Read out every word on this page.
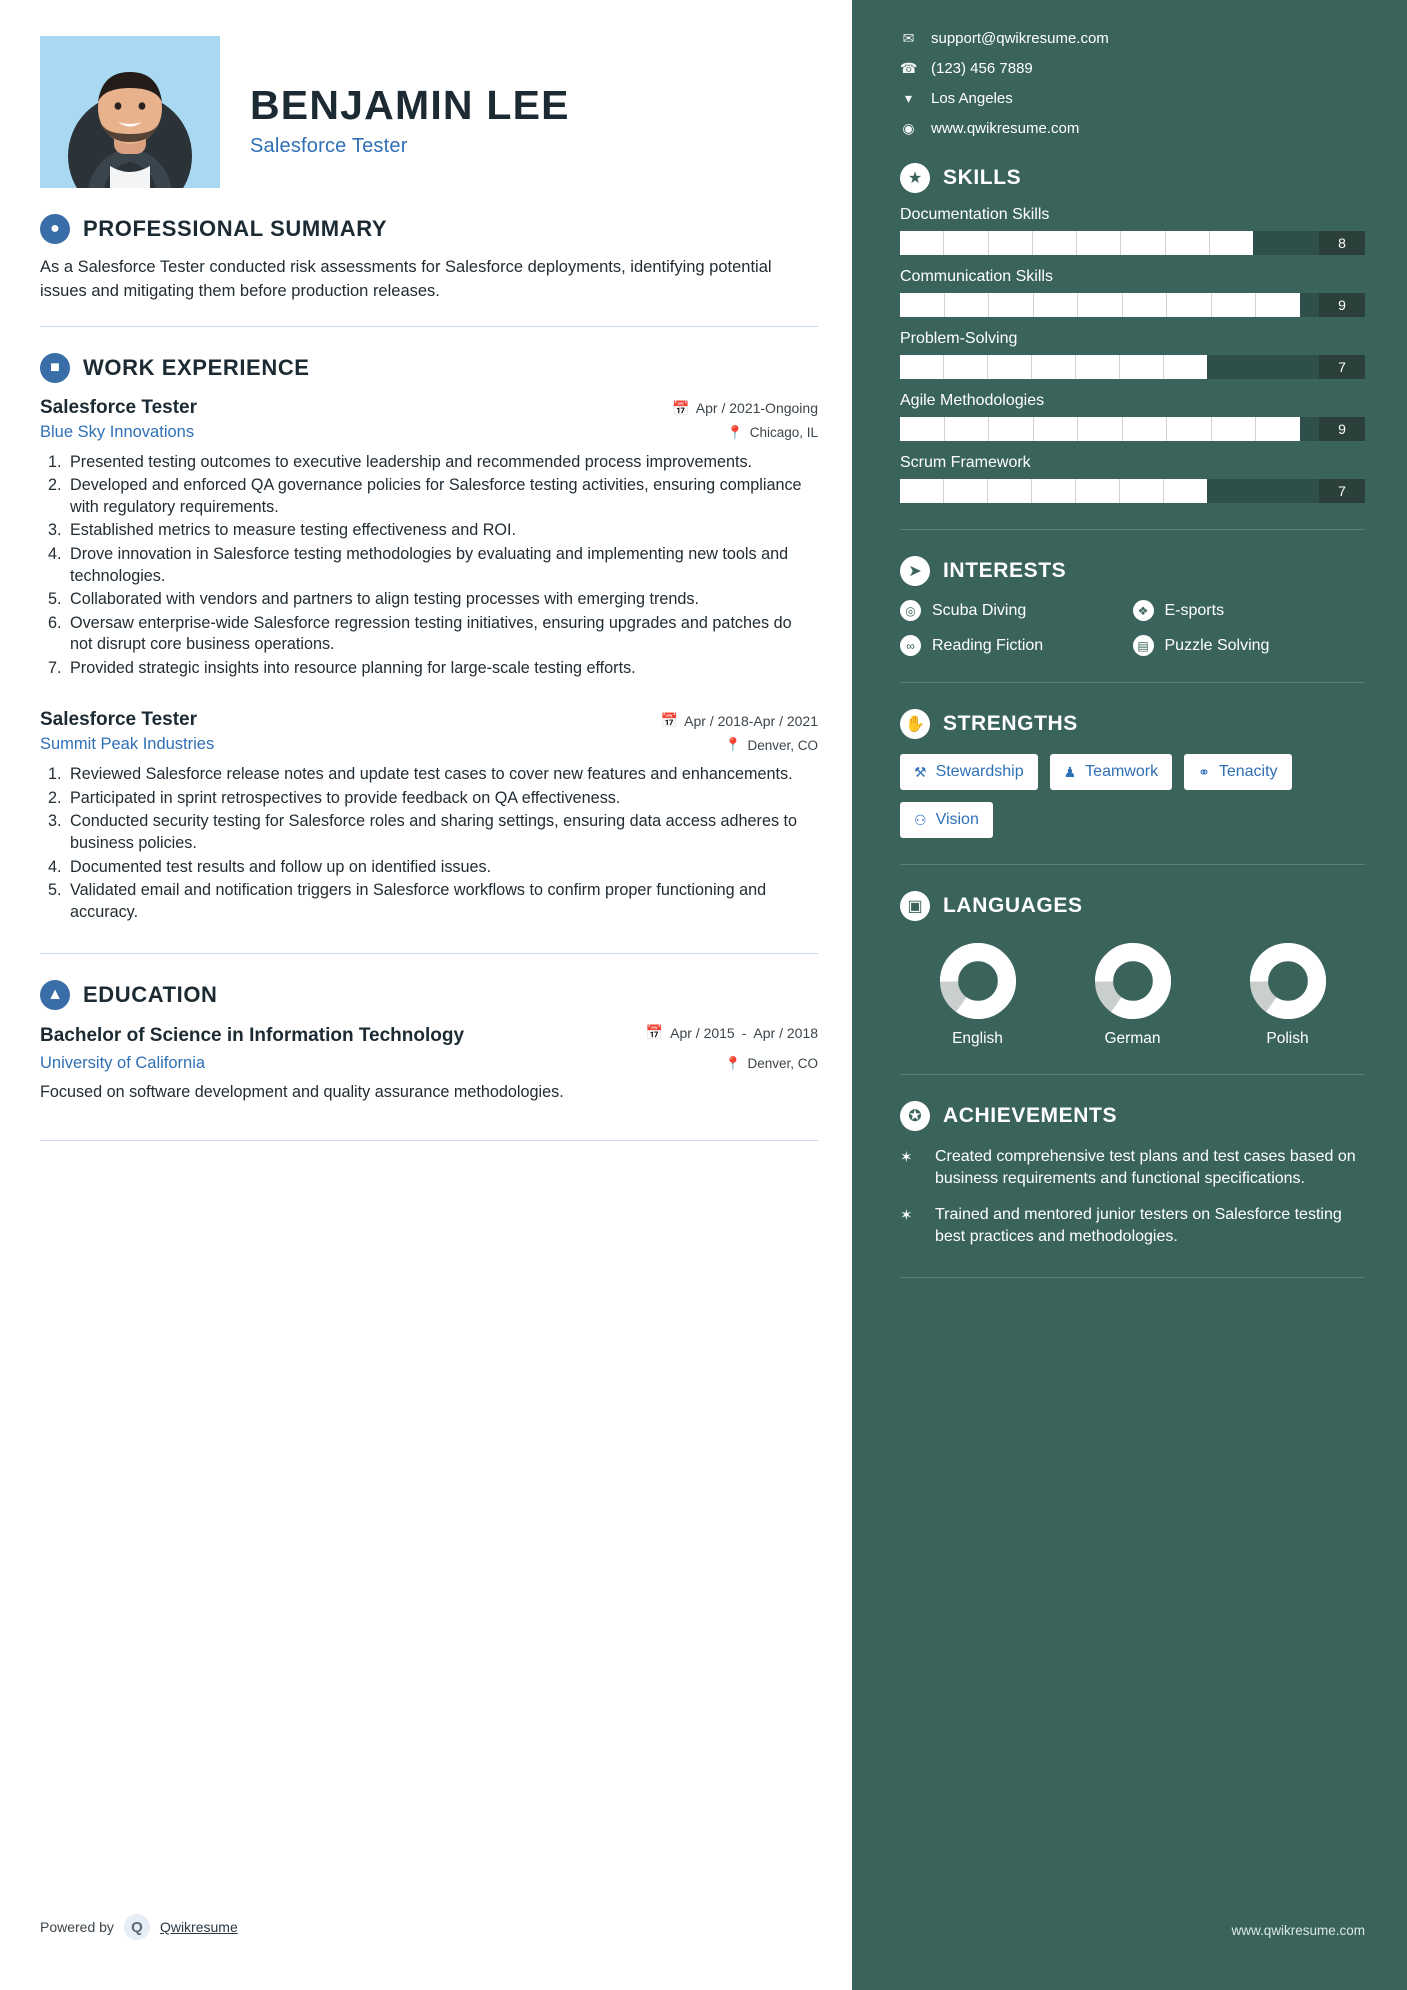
BENJAMIN LEE
Salesforce Tester
●	PROFESSIONAL SUMMARY
As a Salesforce Tester conducted risk assessments for Salesforce deployments, identifying potential issues and mitigating them before production releases.
■	WORK EXPERIENCE
Salesforce Tester	📅 Apr / 2021-Ongoing
Blue Sky Innovations	📍 Chicago, IL
1. Presented testing outcomes to executive leadership and recommended process improvements.
2. Developed and enforced QA governance policies for Salesforce testing activities, ensuring compliance with regulatory requirements.
3. Established metrics to measure testing effectiveness and ROI.
4. Drove innovation in Salesforce testing methodologies by evaluating and implementing new tools and technologies.
5. Collaborated with vendors and partners to align testing processes with emerging trends.
6. Oversaw enterprise-wide Salesforce regression testing initiatives, ensuring upgrades and patches do not disrupt core business operations.
7. Provided strategic insights into resource planning for large-scale testing efforts.
Salesforce Tester	📅 Apr / 2018-Apr / 2021
Summit Peak Industries	📍 Denver, CO
1. Reviewed Salesforce release notes and update test cases to cover new features and enhancements.
2. Participated in sprint retrospectives to provide feedback on QA effectiveness.
3. Conducted security testing for Salesforce roles and sharing settings, ensuring data access adheres to business policies.
4. Documented test results and follow up on identified issues.
5. Validated email and notification triggers in Salesforce workflows to confirm proper functioning and accuracy.
▲ EDUCATION
Bachelor of Science in Information Technology	📅 Apr / 2015 - Apr / 2018
University of California	📍 Denver, CO
Focused on software development and quality assurance methodologies.
Powered by	Q	Qwikresume
✉ support@qwikresume.com
☎ (123) 456 7889
▾	Los Angeles
◉ www.qwikresume.com
★ SKILLS
Documentation Skills
8
Communication Skills
9
Problem-Solving
7
Agile Methodologies
9
Scrum Framework
7
➤	INTERESTS
◎	Scuba Diving	❖	E-sports
∞	Reading Fiction	▤ Puzzle Solving
✋ STRENGTHS
⚒ Stewardship	♟ Teamwork	⚭ Tenacity
⚇ Vision
▣ LANGUAGES
English	German	Polish
✪	ACHIEVEMENTS
✶	Created comprehensive test plans and test cases based on business requirements and functional specifications.
✶	Trained and mentored junior testers on Salesforce testing best practices and methodologies.
www.qwikresume.com
